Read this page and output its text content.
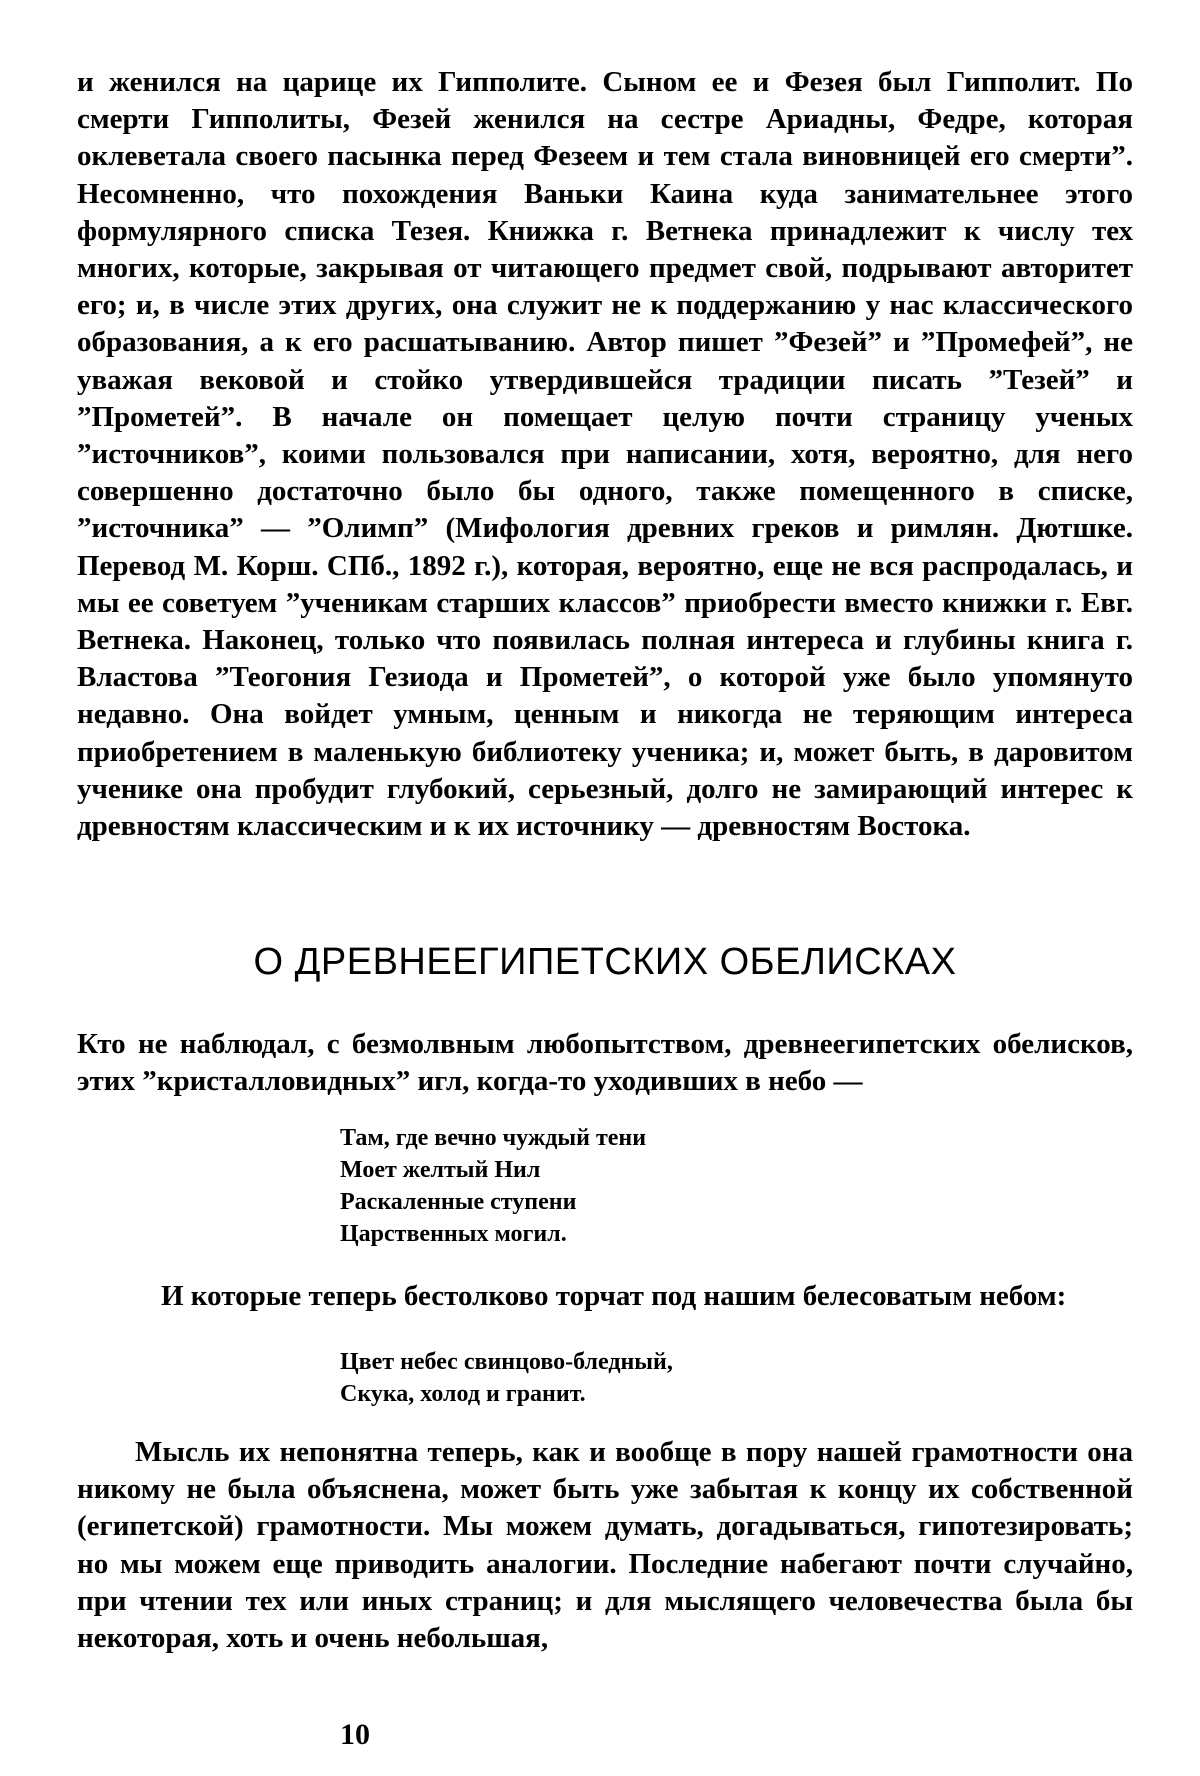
и женился на царице их Гипполите. Сыном ее и Фезея был Гипполит. По смерти Гипполиты, Фезей женился на сестре Ариадны, Федре, которая оклеветала своего пасынка перед Фезеем и тем стала виновницей его смерти”. Несомненно, что похождения Ваньки Каина куда занимательнее этого формулярного списка Тезея. Книжка г. Ветнека принадлежит к числу тех многих, которые, закрывая от читающего предмет свой, подрывают авторитет его; и, в числе этих других, она служит не к поддержанию у нас классического образования, а к его расшатыванию. Автор пишет ”Фезей” и ”Промефей”, не уважая вековой и стойко утвердившейся традиции писать ”Тезей” и ”Прометей”. В начале он помещает целую почти страницу ученых ”источников”, коими пользовался при написании, хотя, вероятно, для него совершенно достаточно было бы одного, также помещенного в списке, ”источника” — ”Олимп” (Мифология древних греков и римлян. Дютшке. Перевод М. Корш. СПб., 1892 г.), которая, вероятно, еще не вся распродалась, и мы ее советуем ”ученикам старших классов” приобрести вместо книжки г. Евг. Ветнека. Наконец, только что появилась полная интереса и глубины книга г. Властова ”Теогония Гезиода и Прометей”, о которой уже было упомянуто недавно. Она войдет умным, ценным и никогда не теряющим интереса приобретением в маленькую библиотеку ученика; и, может быть, в даровитом ученике она пробудит глубокий, серьезный, долго не замирающий интерес к древностям классическим и к их источнику — древностям Востока.

О ДРЕВНЕЕГИПЕТСКИХ ОБЕЛИСКАХ

Кто не наблюдал, с безмолвным любопытством, древнеегипетских обелисков, этих ”кристалловидных” игл, когда-то уходивших в небо —

Там, где вечно чуждый тени
Моет желтый Нил
Раскаленные ступени
Царственных могил.

И которые теперь бестолково торчат под нашим белесоватым небом:

Цвет небес свинцово-бледный,
Скука, холод и гранит.

Мысль их непонятна теперь, как и вообще в пору нашей грамотности она никому не была объяснена, может быть уже забытая к концу их собственной (египетской) грамотности. Мы можем думать, догадываться, гипотезировать; но мы можем еще приводить аналогии. Последние набегают почти случайно, при чтении тех или иных страниц; и для мыслящего человечества была бы некоторая, хоть и очень небольшая,

10
